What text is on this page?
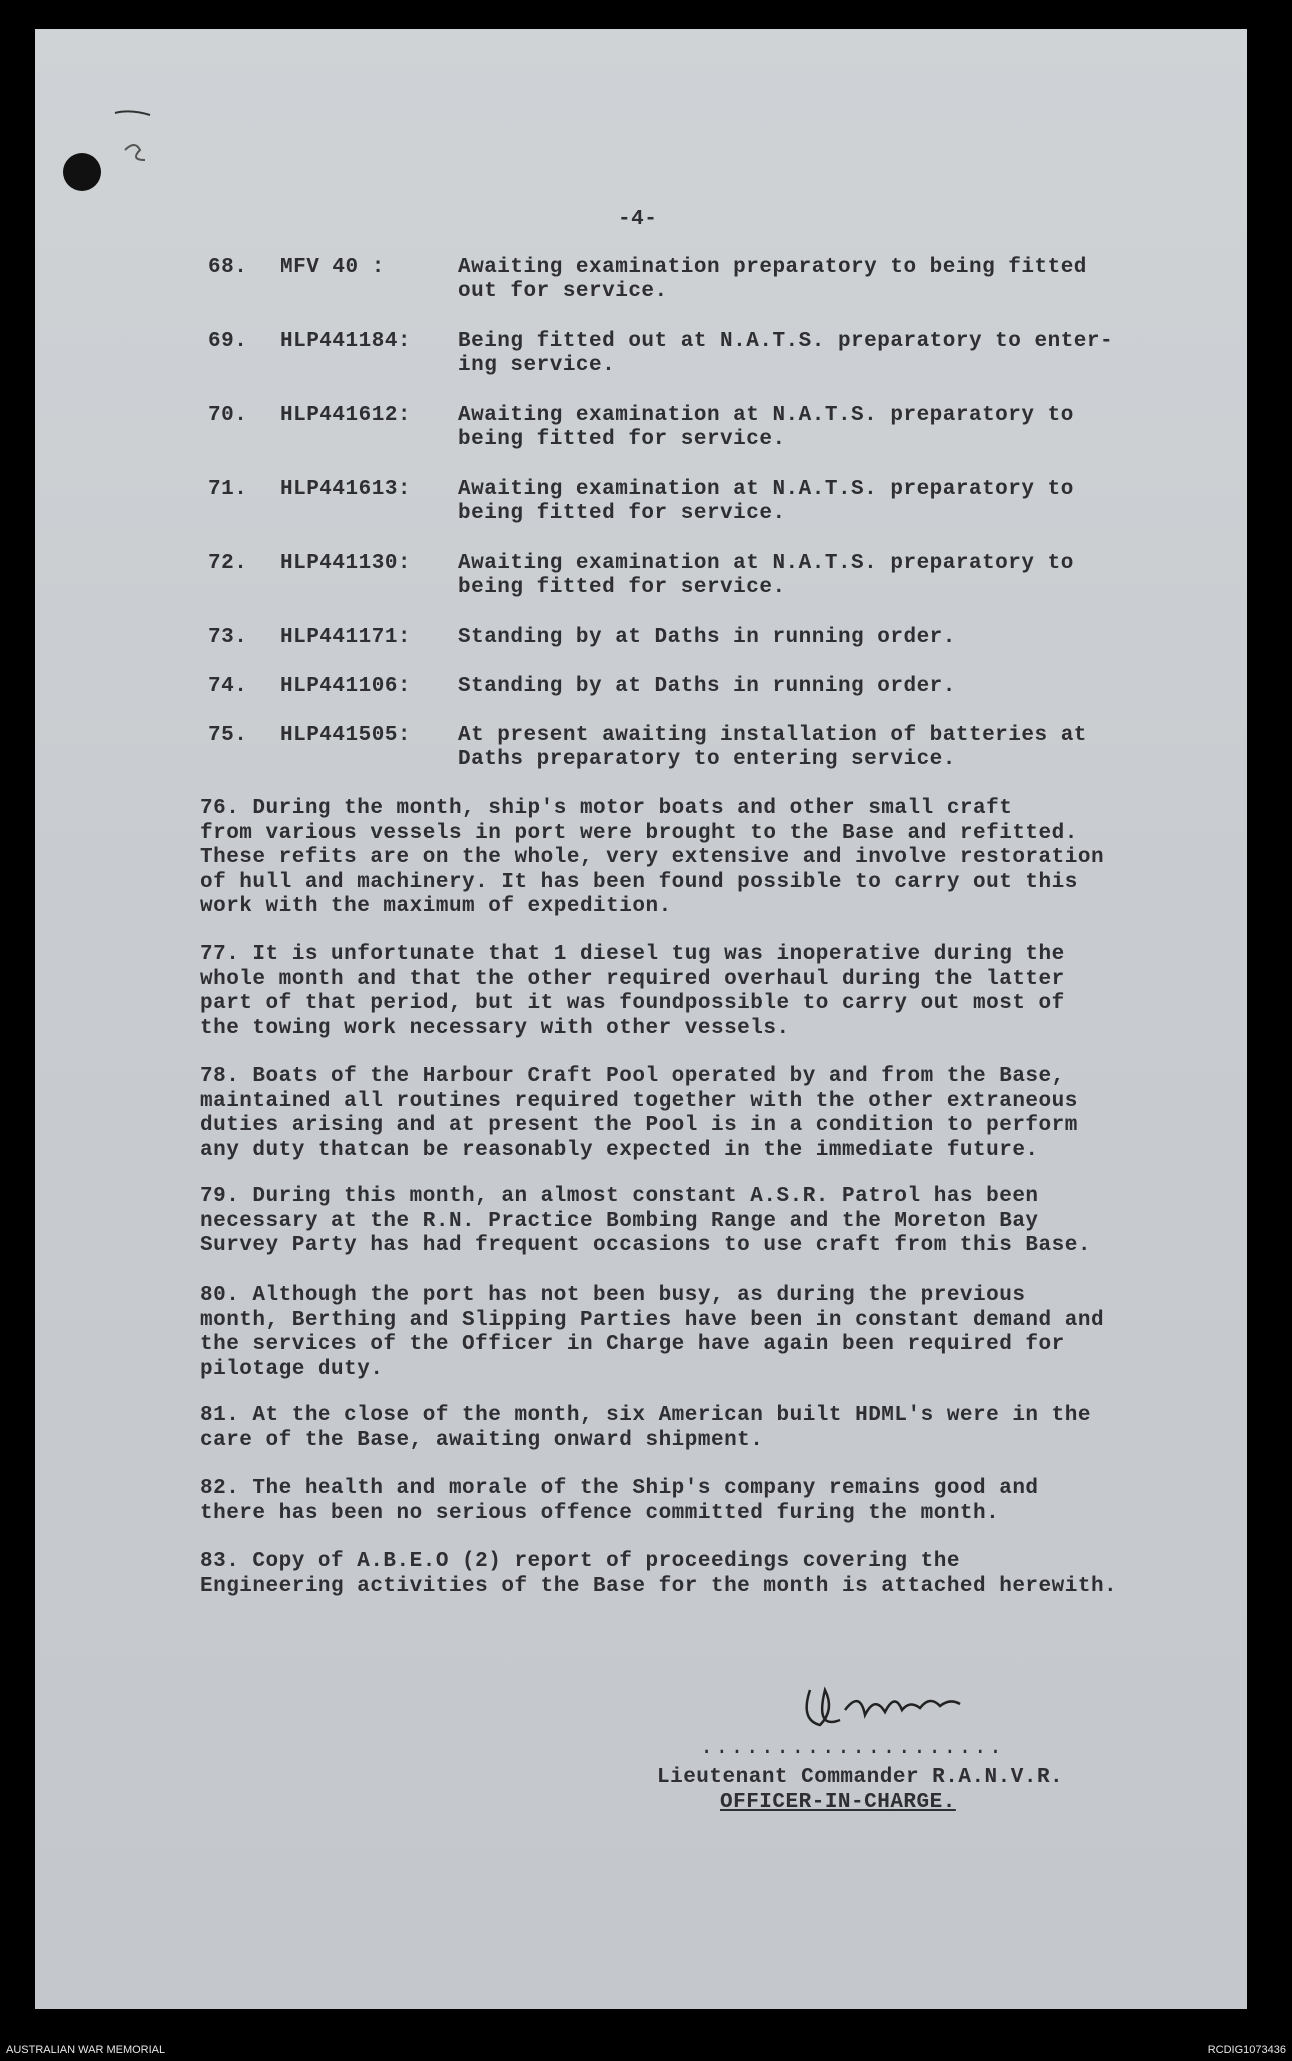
-4-
68. MFV 40 :	Awaiting examination preparatory to being fitted
out for service.
69. HLP441184: Being fitted out at N.A.T.S. preparatory to enter-
ing service.
70. HLP441612: Awaiting examination at N.A.T.S. preparatory to
being fitted for service.
71. HLP441613: Awaiting examination at N.A.T.S. preparatory to
being fitted for service.
72. HLP441130: Awaiting examination at N.A.T.S. preparatory to
being fitted for service.
73. HLP441171: Standing by at Daths in running order.
74. HLP441106: Standing by at Daths in running order.
75. HLP441505: At present awaiting installation of batteries at
Daths preparatory to entering service.
76. During the month, ship's motor boats and other small craft
from various vessels in port were brought to the Base and refitted.
These refits are on the whole, very extensive and involve restoration
of hull and machinery. It has been found possible to carry out this
work with the maximum of expedition.
77. It is unfortunate that 1 diesel tug was inoperative during the
whole month and that the other required overhaul during the latter
part of that period, but it was foundpossible to carry out most of
the towing work necessary with other vessels.
78. Boats of the Harbour Craft Pool operated by and from the Base,
maintained all routines required together with the other extraneous
duties arising and at present the Pool is in a condition to perform
any duty thatcan be reasonably expected in the immediate future.
79. During this month, an almost constant A.S.R. Patrol has been
necessary at the R.N. Practice Bombing Range and the Moreton Bay
Survey Party has had frequent occasions to use craft from this Base.
80. Although the port has not been busy, as during the previous
month, Berthing and Slipping Parties have been in constant demand and
the services of the Officer in Charge have again been required for
pilotage duty.
81. At the close of the month, six American built HDML's were in the
care of the Base, awaiting onward shipment.
82. The health and morale of the Ship's company remains good and
there has been no serious offence committed furing the month.
83. Copy of A.B.E.O (2) report of proceedings covering the
Engineering activities of the Base for the month is attached herewith.
....................
Lieutenant Commander R.A.N.V.R.
OFFICER-IN-CHARGE.
AUSTRALIAN WAR MEMORIAL	RCDIG1073436
